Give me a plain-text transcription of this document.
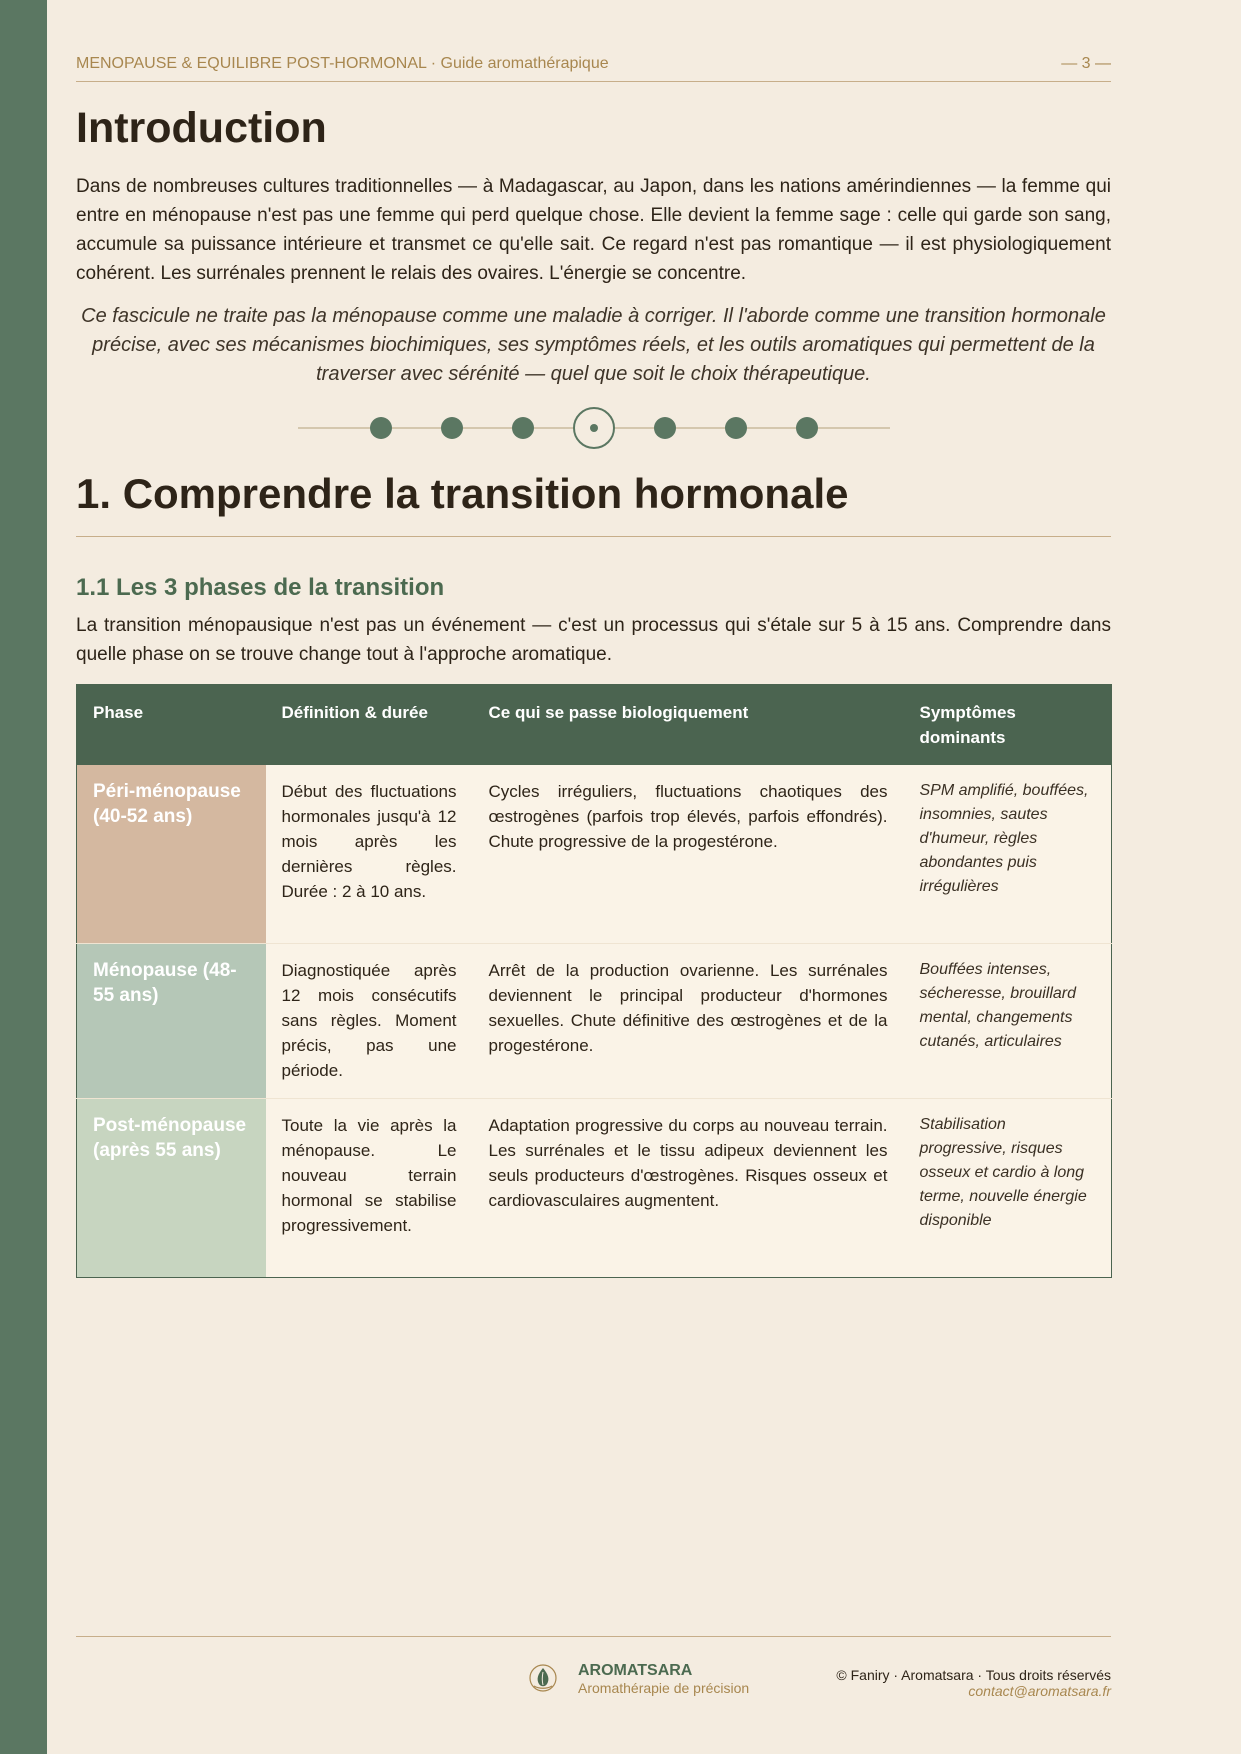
MENOPAUSE & EQUILIBRE POST-HORMONAL · Guide aromathérapique	— 3 —
Introduction

Dans de nombreuses cultures traditionnelles — à Madagascar, au Japon, dans les nations amérindiennes — la femme qui entre en ménopause n'est pas une femme qui perd quelque chose. Elle devient la femme sage : celle qui garde son sang, accumule sa puissance intérieure et transmet ce qu'elle sait. Ce regard n'est pas romantique — il est physiologiquement cohérent. Les surrénales prennent le relais des ovaires. L'énergie se concentre.

Ce fascicule ne traite pas la ménopause comme une maladie à corriger. Il l'aborde comme une transition hormonale précise, avec ses mécanismes biochimiques, ses symptômes réels, et les outils aromatiques qui permettent de la traverser avec sérénité — quel que soit le choix thérapeutique.

1. Comprendre la transition hormonale
1.1 Les 3 phases de la transition

La transition ménopausique n'est pas un événement — c'est un processus qui s'étale sur 5 à 15 ans. Comprendre dans quelle phase on se trouve change tout à l'approche aromatique.

Phase	Définition & durée	Ce qui se passe biologiquement	Symptômes dominants
Péri-ménopause (40-52 ans)	Début des fluctuations hormonales jusqu'à 12 mois après les dernières règles. Durée : 2 à 10 ans.	Cycles irréguliers, fluctuations chaotiques des œstrogènes (parfois trop élevés, parfois effondrés). Chute progressive de la progestérone.	SPM amplifié, bouffées, insomnies, sautes d'humeur, règles abondantes puis irrégulières
Ménopause (48-55 ans)	Diagnostiquée après 12 mois consécutifs sans règles. Moment précis, pas une période.	Arrêt de la production ovarienne. Les surrénales deviennent le principal producteur d'hormones sexuelles. Chute définitive des œstrogènes et de la progestérone.	Bouffées intenses, sécheresse, brouillard mental, changements cutanés, articulaires
Post-ménopause (après 55 ans)	Toute la vie après la ménopause. Le nouveau terrain hormonal se stabilise progressivement.	Adaptation progressive du corps au nouveau terrain. Les surrénales et le tissu adipeux deviennent les seuls producteurs d'œstrogènes. Risques osseux et cardiovasculaires augmentent.	Stabilisation progressive, risques osseux et cardio à long terme, nouvelle énergie disponible
AROMATSARA
Aromathérapie de précision
© Faniry · Aromatsara · Tous droits réservés
contact@aromatsara.fr
